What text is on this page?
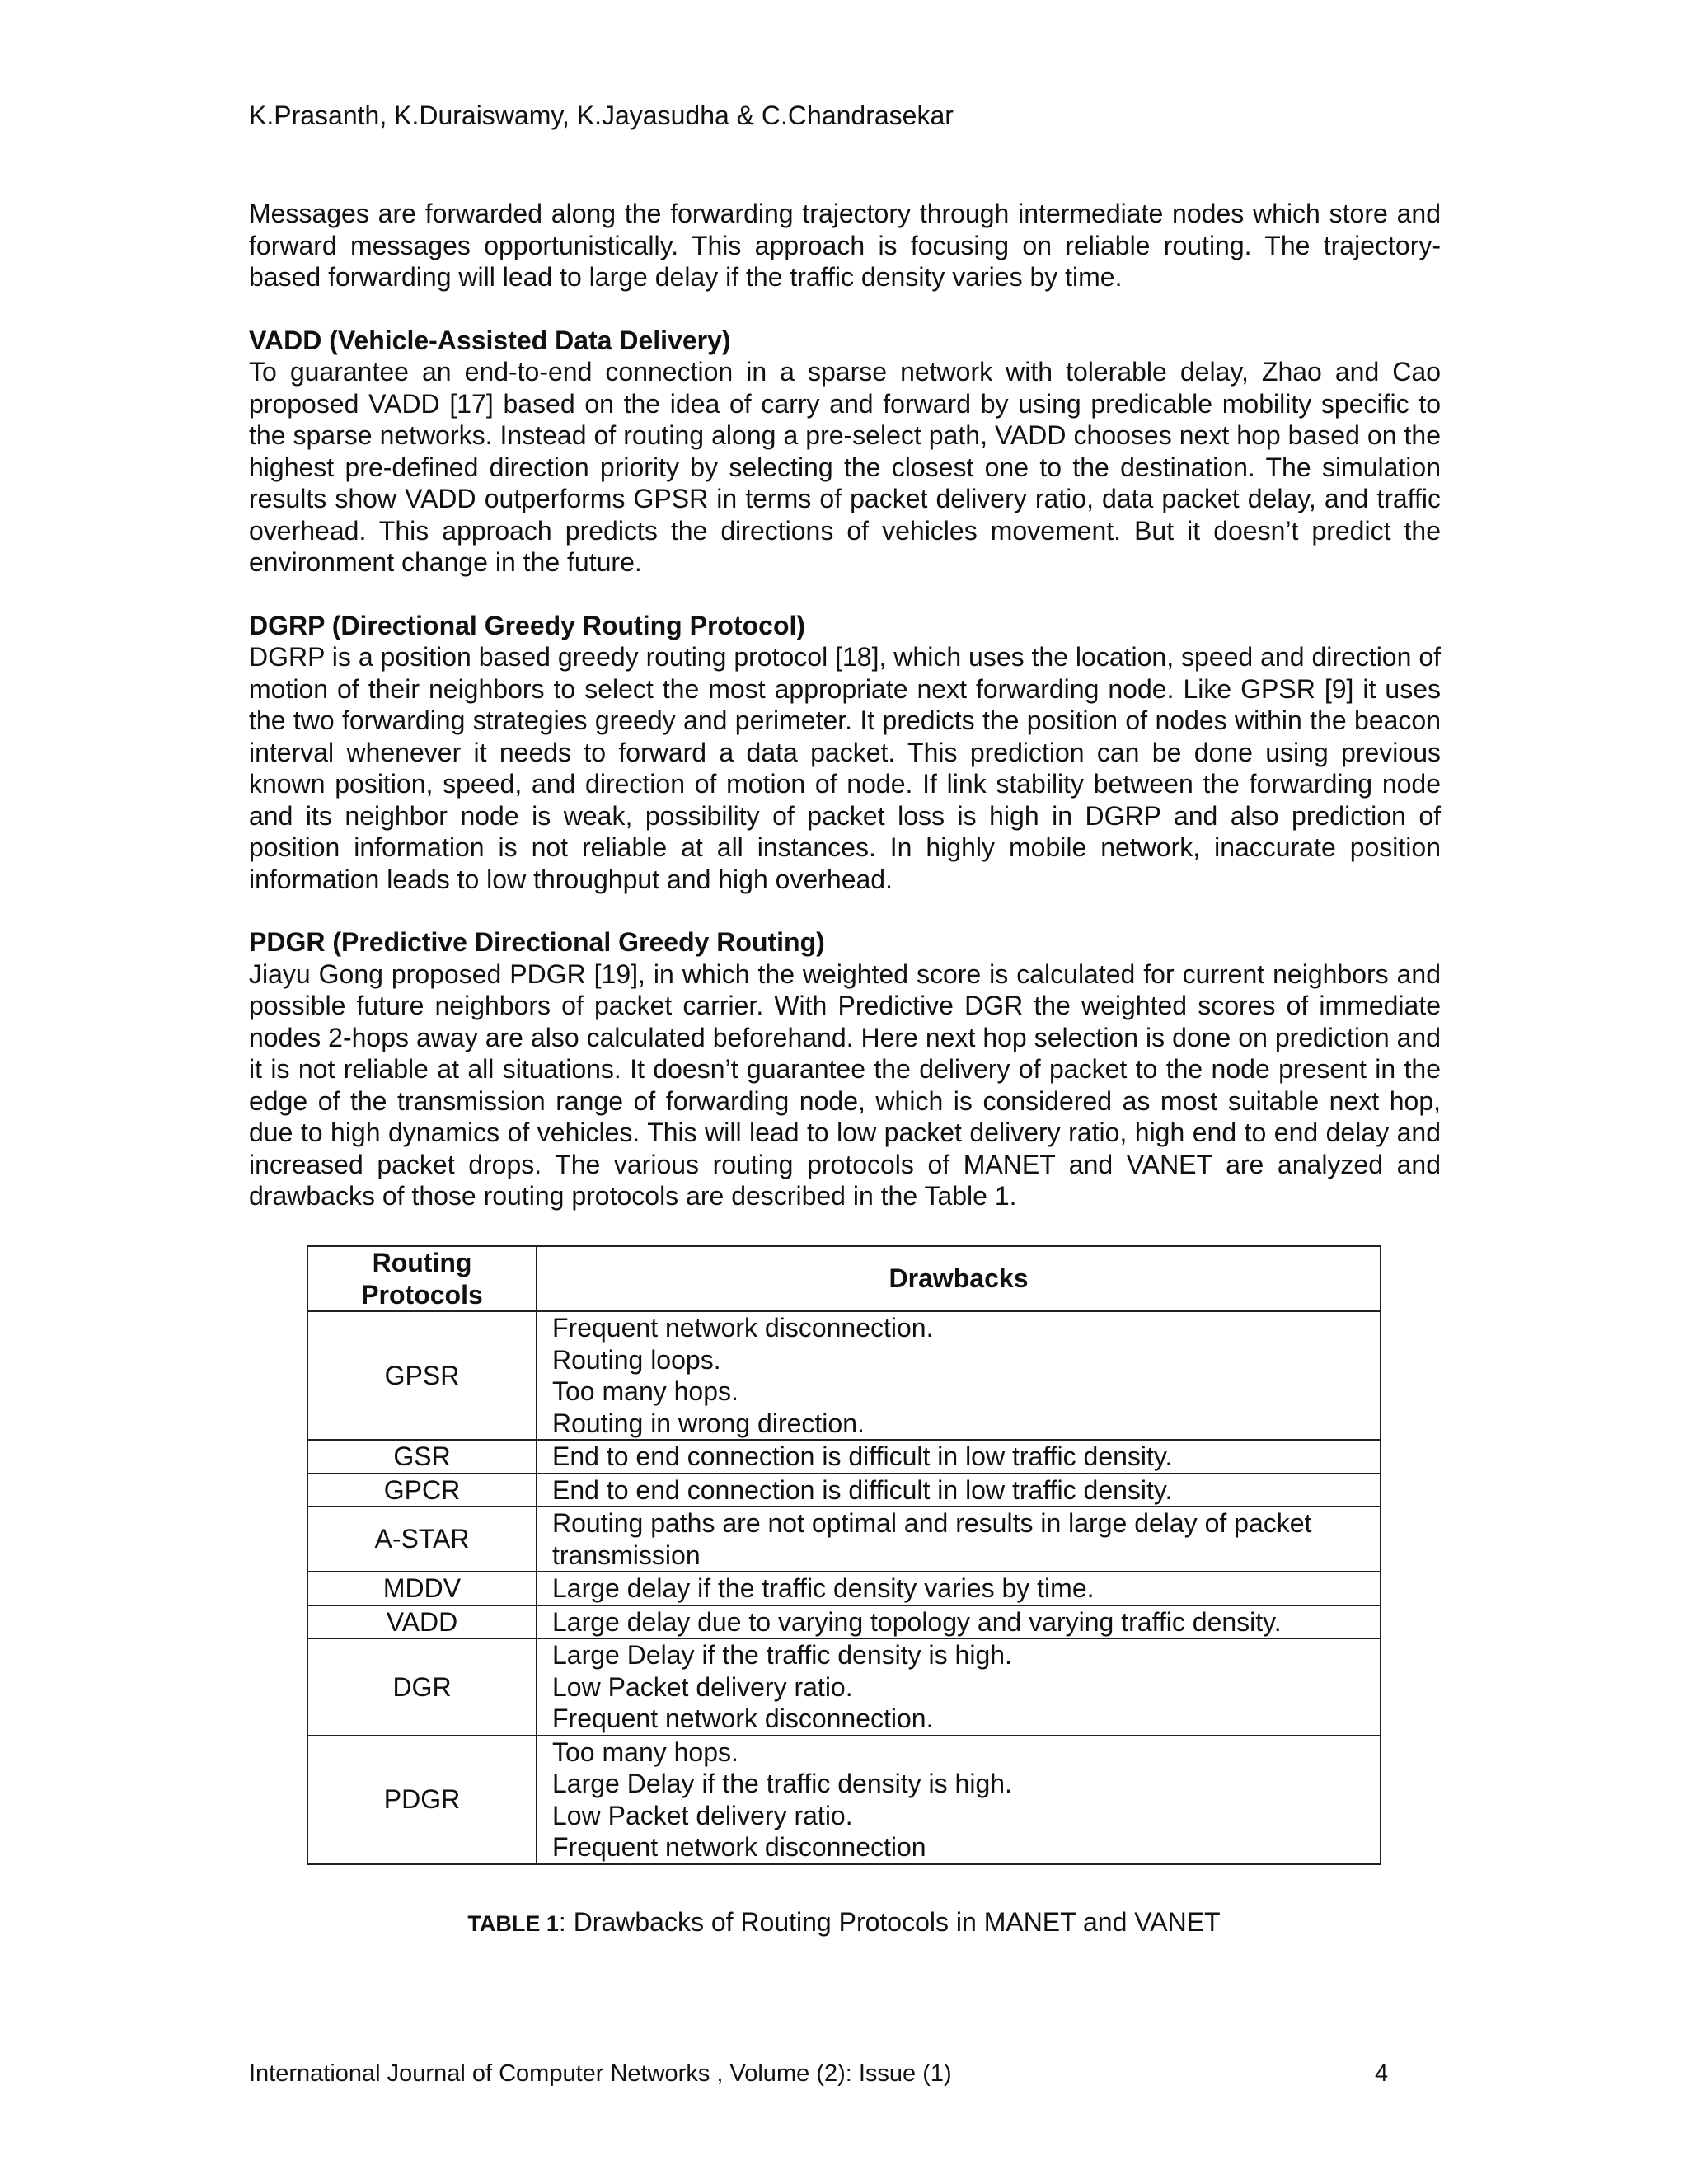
K.Prasanth, K.Duraiswamy, K.Jayasudha & C.Chandrasekar

Messages are forwarded along the forwarding trajectory through intermediate nodes which store and forward messages opportunistically. This approach is focusing on reliable routing. The trajectory-based forwarding will lead to large delay if the traffic density varies by time.

VADD (Vehicle-Assisted Data Delivery)

To guarantee an end-to-end connection in a sparse network with tolerable delay, Zhao and Cao proposed VADD [17] based on the idea of carry and forward by using predicable mobility specific to the sparse networks. Instead of routing along a pre-select path, VADD chooses next hop based on the highest pre-defined direction priority by selecting the closest one to the destination. The simulation results show VADD outperforms GPSR in terms of packet delivery ratio, data packet delay, and traffic overhead. This approach predicts the directions of vehicles movement. But it doesn’t predict the environment change in the future.

DGRP (Directional Greedy Routing Protocol)

DGRP is a position based greedy routing protocol [18], which uses the location, speed and direction of motion of their neighbors to select the most appropriate next forwarding node. Like GPSR [9] it uses the two forwarding strategies greedy and perimeter. It predicts the position of nodes within the beacon interval whenever it needs to forward a data packet. This prediction can be done using previous known position, speed, and direction of motion of node. If link stability between the forwarding node and its neighbor node is weak, possibility of packet loss is high in DGRP and also prediction of position information is not reliable at all instances. In highly mobile network, inaccurate position information leads to low throughput and high overhead.

PDGR (Predictive Directional Greedy Routing)

Jiayu Gong proposed PDGR [19], in which the weighted score is calculated for current neighbors and possible future neighbors of packet carrier. With Predictive DGR the weighted scores of immediate nodes 2-hops away are also calculated beforehand. Here next hop selection is done on prediction and it is not reliable at all situations. It doesn’t guarantee the delivery of packet to the node present in the edge of the transmission range of forwarding node, which is considered as most suitable next hop, due to high dynamics of vehicles. This will lead to low packet delivery ratio, high end to end delay and increased packet drops. The various routing protocols of MANET and VANET are analyzed and drawbacks of those routing protocols are described in the Table 1.

Routing Protocols	Drawbacks
GPSR	Frequent network disconnection.
Routing loops.
Too many hops.
Routing in wrong direction.

GSR	End to end connection is difficult in low traffic density.

GPCR	End to end connection is difficult in low traffic density.

A-STAR	Routing paths are not optimal and results in large delay of packet transmission

MDDV	Large delay if the traffic density varies by time.

VADD	Large delay due to varying topology and varying traffic density.

DGR	Large Delay if the traffic density is high.
Low Packet delivery ratio.
Frequent network disconnection.

PDGR	Too many hops.
Large Delay if the traffic density is high.
Low Packet delivery ratio.
Frequent network disconnection
TABLE 1: Drawbacks of Routing Protocols in MANET and VANET
International Journal of Computer Networks , Volume (2): Issue (1)	4
